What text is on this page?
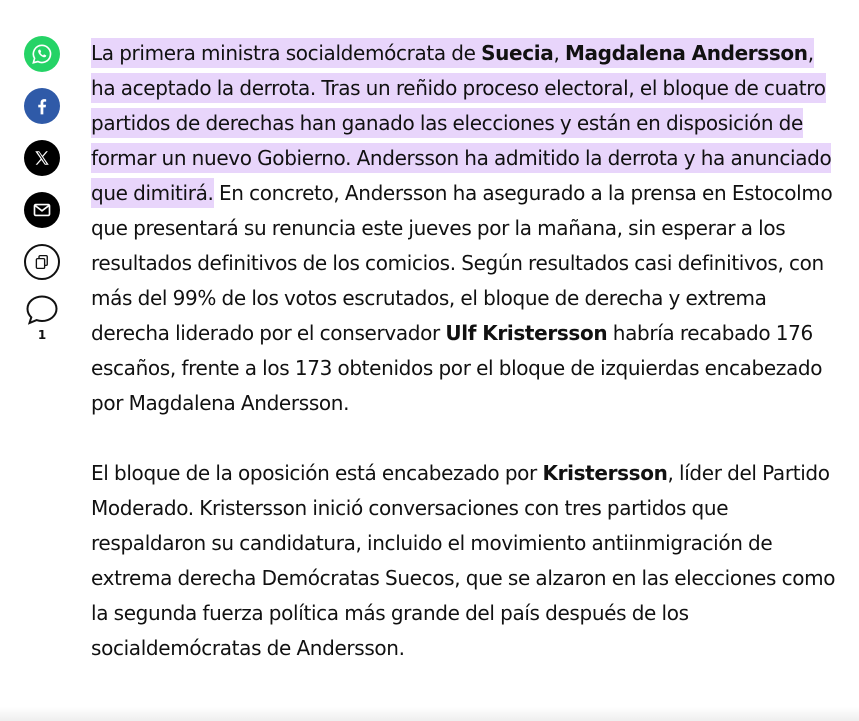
1

La primera ministra socialdemócrata de Suecia, Magdalena Andersson, ha aceptado la derrota. Tras un reñido proceso electoral, el bloque de cuatro partidos de derechas han ganado las elecciones y están en disposición de formar un nuevo Gobierno. Andersson ha admitido la derrota y ha anunciado que dimitirá. En concreto, Andersson ha asegurado a la prensa en Estocolmo que presentará su renuncia este jueves por la mañana, sin esperar a los resultados definitivos de los comicios. Según resultados casi definitivos, con más del 99% de los votos escrutados, el bloque de derecha y extrema derecha liderado por el conservador Ulf Kristersson habría recabado 176 escaños, frente a los 173 obtenidos por el bloque de izquierdas encabezado por Magdalena Andersson.

El bloque de la oposición está encabezado por Kristersson, líder del Partido Moderado. Kristersson inició conversaciones con tres partidos que respaldaron su candidatura, incluido el movimiento antiinmigración de extrema derecha Demócratas Suecos, que se alzaron en las elecciones como la segunda fuerza política más grande del país después de los socialdemócratas de Andersson.
